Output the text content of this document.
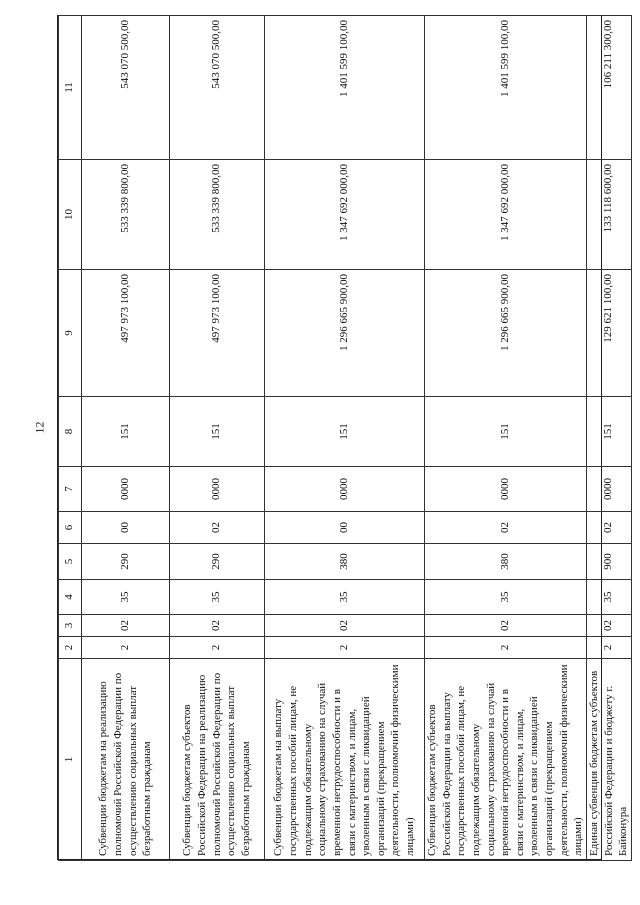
12
1	2	3	4	5	6	7	8	9	10	11

Субвенции бюджетам на реализацию полномочий Российской Федерации по осуществлению социальных выплат безработным гражданам	2	02	35	290	00	0000	151	497 973 100,00	533 339 800,00	543 070 500,00

Субвенции бюджетам субъектов Российской Федерации на реализацию полномочий Российской Федерации по осуществлению социальных выплат безработным гражданам	2	02	35	290	02	0000	151	497 973 100,00	533 339 800,00	543 070 500,00

Субвенции бюджетам на выплату государственных пособий лицам, не подлежащим обязательному социальному страхованию на случай временной нетрудоспособности и в связи с материнством, и лицам, уволенным в связи с ликвидацией организаций (прекращением деятельности, полномочий физическими лицами)	2	02	35	380	00	0000	151	1 296 665 900,00	1 347 692 000,00	1 401 599 100,00

Субвенции бюджетам субъектов Российской Федерации на выплату государственных пособий лицам, не подлежащим обязательному социальному страхованию на случай временной нетрудоспособности и в связи с материнством, и лицам, уволенным в связи с ликвидацией организаций (прекращением деятельности, полномочий физическими лицами)	2	02	35	380	02	0000	151	1 296 665 900,00	1 347 692 000,00	1 401 599 100,00

Единая субвенция бюджетам субъектов Российской Федерации и бюджету г. Байконура	2	02	35	900	02	0000	151	129 621 100,00	133 118 600,00	106 211 300,00
